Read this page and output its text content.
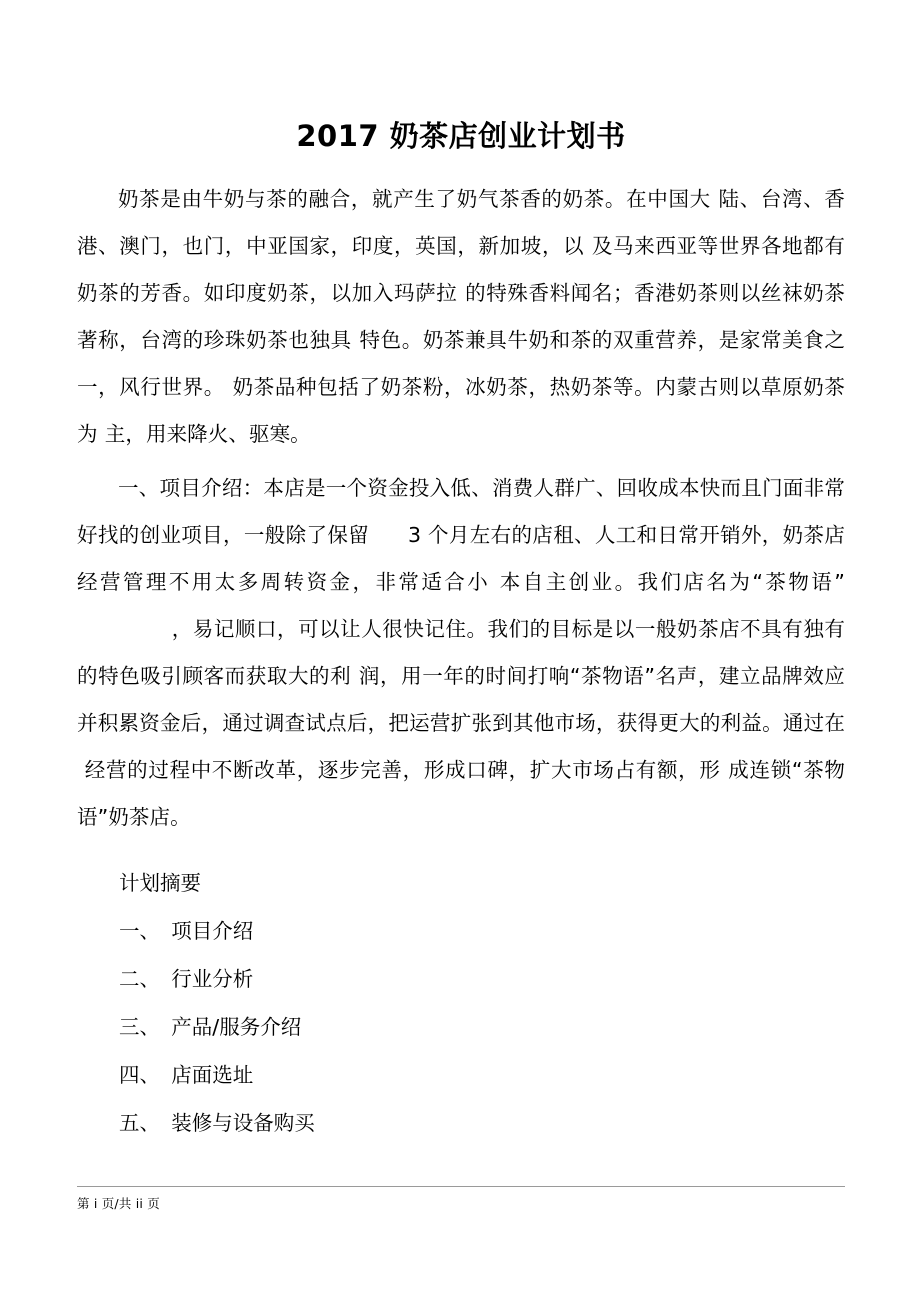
2017 奶茶店创业计划书

奶茶是由牛奶与茶的融合，就产生了奶气茶香的奶茶。在中国大 陆、台湾、香港、澳门，也门，中亚国家，印度，英国，新加坡，以 及马来西亚等世界各地都有奶茶的芳香。如印度奶茶，以加入玛萨拉 的特殊香料闻名；香港奶茶则以丝袜奶茶著称，台湾的珍珠奶茶也独具 特色。奶茶兼具牛奶和茶的双重营养，是家常美食之一，风行世界。 奶茶品种包括了奶茶粉，冰奶茶，热奶茶等。内蒙古则以草原奶茶为 主，用来降火、驱寒。

一、项目介绍：本店是一个资金投入低、消费人群广、回收成本快而且门面非常好找的创业项目，一般除了保留 3 个月左右的店租、人工和日常开销外，奶茶店经营管理不用太多周转资金，非常适合小 本自主创业。我们店名为“茶物语”，易记顺口，可以让人很快记住。我们的目标是以一般奶茶店不具有独有的特色吸引顾客而获取大的利 润，用一年的时间打响“茶物语”名声，建立品牌效应并积累资金后，通过调查试点后，把运营扩张到其他市场，获得更大的利益。通过在经营的过程中不断改革，逐步完善，形成口碑，扩大市场占有额，形 成连锁“茶物语”奶茶店。

计划摘要

一、 项目介绍
二、 行业分析
三、 产品/服务介绍
四、 店面选址
五、 装修与设备购买

第 i 页/共 ii 页
